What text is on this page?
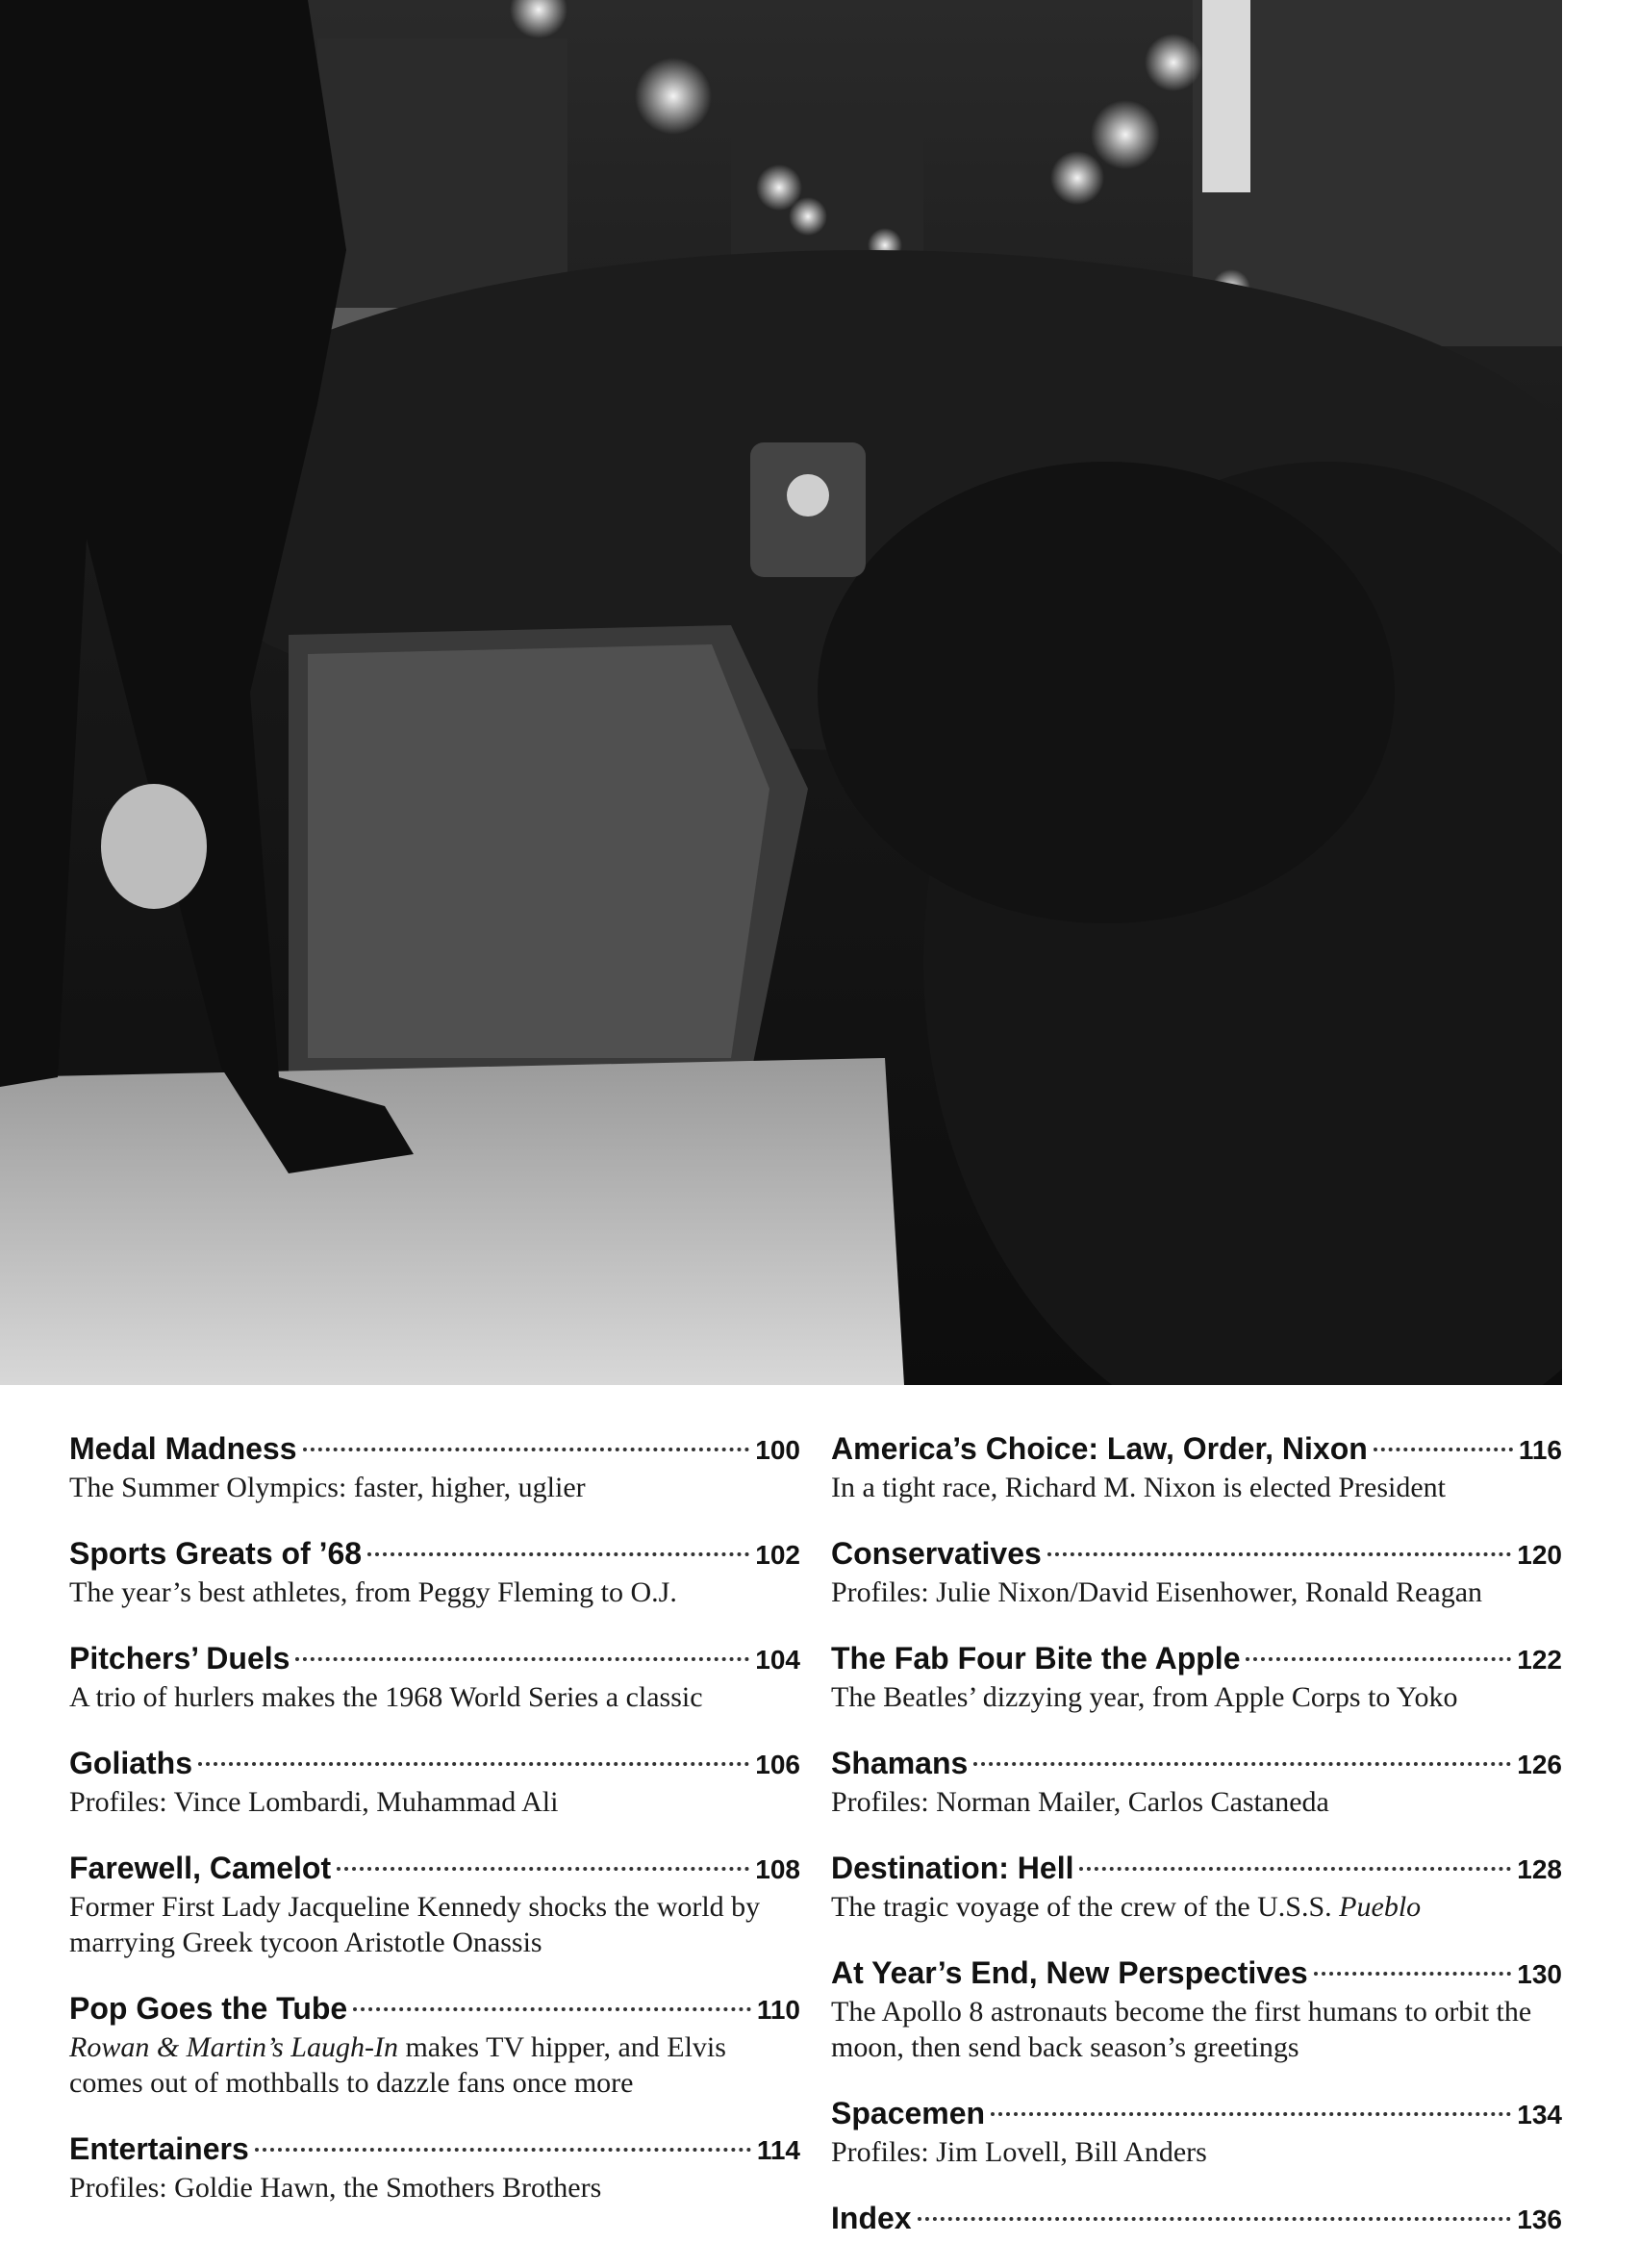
Medal Madness	100
The Summer Olympics: faster, higher, uglier
Sports Greats of ’68	102
The year’s best athletes, from Peggy Fleming to O.J.
Pitchers’ Duels	104
A trio of hurlers makes the 1968 World Series a classic
Goliaths	106
Profiles: Vince Lombardi, Muhammad Ali
Farewell, Camelot	108
Former First Lady Jacqueline Kennedy shocks the world by marrying Greek tycoon Aristotle Onassis
Pop Goes the Tube	110
Rowan & Martin’s Laugh-In makes TV hipper, and Elvis comes out of mothballs to dazzle fans once more
Entertainers	114
Profiles: Goldie Hawn, the Smothers Brothers
America’s Choice: Law, Order, Nixon	116
In a tight race, Richard M. Nixon is elected President
Conservatives	120
Profiles: Julie Nixon/David Eisenhower, Ronald Reagan
The Fab Four Bite the Apple	122
The Beatles’ dizzying year, from Apple Corps to Yoko
Shamans	126
Profiles: Norman Mailer, Carlos Castaneda
Destination: Hell	128
The tragic voyage of the crew of the U.S.S. Pueblo
At Year’s End, New Perspectives	130
The Apollo 8 astronauts become the first humans to orbit the moon, then send back season’s greetings
Spacemen	134
Profiles: Jim Lovell, Bill Anders
Index	136
